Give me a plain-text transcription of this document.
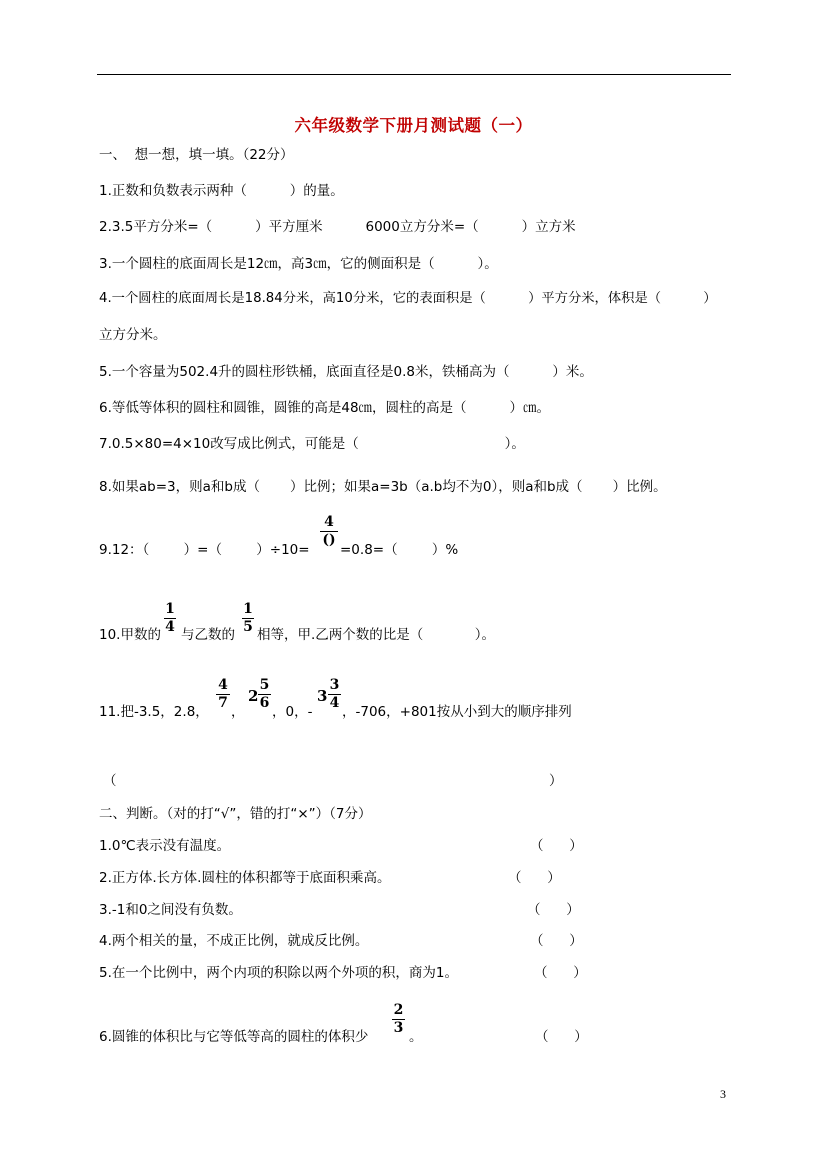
六年级数学下册月测试题（一）
一、  想一想，填一填。（22分）
1.正数和负数表示两种（          ）的量。
2.3.5平方分米=（          ）平方厘米          6000立方分米=（          ）立方米
3.一个圆柱的底面周长是12㎝，高3㎝，它的侧面积是（          ）。
4.一个圆柱的底面周长是18.84分米，高10分米，它的表面积是（          ）平方分米，体积是（          ）
立方分米。
5.一个容量为502.4升的圆柱形铁桶，底面直径是0.8米，铁桶高为（          ）米。
6.等低等体积的圆柱和圆锥，圆锥的高是48㎝，圆柱的高是（          ）㎝。
7.0.5×80=4×10改写成比例式，可能是（                                  ）。
8.如果ab=3，则a和b成（       ）比例；如果a=3b（a.b均不为0），则a和b成（       ）比例。
9.12：（        ）=（        ）÷10=
4
()
=0.8=（        ）%
10.甲数的
1
4 与乙数的
1
5 相等，甲.乙两个数的比是（            ）。
11.把-3.5，2.8，
4
7
，
2
5
6
，0，-
3
3
4
，-706，+801按从小到大的顺序排列
（	）
二、判断。（对的打“√”，错的打“×”）（7分）
1.0℃表示没有温度。	（      ）
2.正方体.长方体.圆柱的体积都等于底面积乘高。	（      ）
3.-1和0之间没有负数。	（      ）
4.两个相关的量，不成正比例，就成反比例。	（      ）
5.在一个比例中，两个内项的积除以两个外项的积，商为1。	（      ）
6.圆锥的体积比与它等低等高的圆柱的体积少
2
3
。	（      ）
3
